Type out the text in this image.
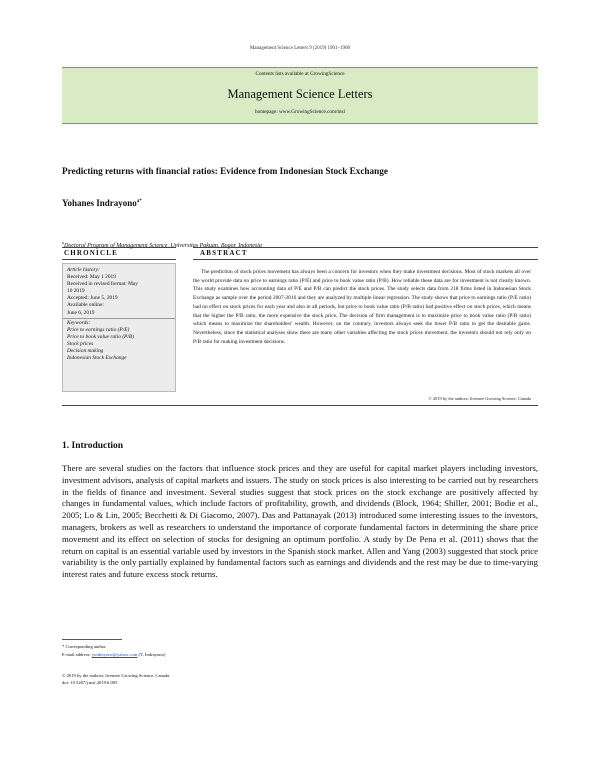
Management Science Letters 9 (2019) 1901–1908
Contents lists available at GrowingScience
Management Science Letters
homepage: www.GrowingScience.com/msl
Predicting returns with financial ratios: Evidence from Indonesian Stock Exchange
Yohanes Indrayono$^{a*}$
$^a$Doctoral Program of Management Science, Universitas Pakuan, Bogor, Indonesia
CHRONICLE	ABSTRACT
Article history:
Received: May 1 2019
Received in revised format: May
10 2019
Accepted: June 5, 2019
Available online:
June 6, 2019
Keywords:
Price to earnings ratio (P/E)
Price to book value ratio (P/B)
Stock prices
Decision making
Indonesian Stock Exchange
The prediction of stock prices movement has always been a concern for investors when they make investment decisions. Most of stock markets all over the world provide data on price to earnings ratio (P/E) and price to book value ratio (P/B). How reliable these data are for investment is not clearly known. This study examines how accounting data of P/E and P/B can predict the stock prices. The study selects data from 218 firms listed in Indonesian Stock Exchange as sample over the period 2007-2016 and they are analyzed by multiple linear regression. The study shows that price to earnings ratio (P/E ratio) had no effect on stock prices for each year and also in all periods, but price to book value ratio (P/B ratio) had positive effect on stock prices, which means that the higher the P/B ratio, the more expensive the stock price. The decision of firm management is to maximize price to book value ratio (P/B ratio) which means to maximize the shareholders' wealth. However, on the contrary, investors always seek the lower P/B ratio to get the desirable gains. Nevertheless, since the statistical analyses show there are many other variables affecting the stock prices movement, the investors should not rely only on P/B ratio for making investment decisions.
© 2019 by the authors; licensee Growing Science, Canada
1. Introduction
There are several studies on the factors that influence stock prices and they are useful for capital market players including investors, investment advisors, analysis of capital markets and issuers. The study on stock prices is also interesting to be carried out by researchers in the fields of finance and investment. Several studies suggest that stock prices on the stock exchange are positively affected by changes in fundamental values, which include factors of profitability, growth, and dividends (Block, 1964; Shiller, 2001; Bodie et al., 2005; Lo & Lin, 2005; Becchetti & Di Giacomo, 2007). Das and Pattanayak (2013) introduced some interesting issues to the investors, managers, brokers as well as researchers to understand the importance of corporate fundamental factors in determining the share price movement and its effect on selection of stocks for designing an optimum portfolio. A study by De Pena et al. (2011) shows that the return on capital is an essential variable used by investors in the Spanish stock market. Allen and Yang (2003) suggested that stock price variability is the only partially explained by fundamental factors such as earnings and dividends and the rest may be due to time-varying interest rates and future excess stock returns.
* Corresponding author.
E-mail address: yindrayono@yahoo.com (Y. Indrayono)
© 2019 by the authors; licensee Growing Science, Canada
doi: 10.5267/j.msl.2019.6.005
